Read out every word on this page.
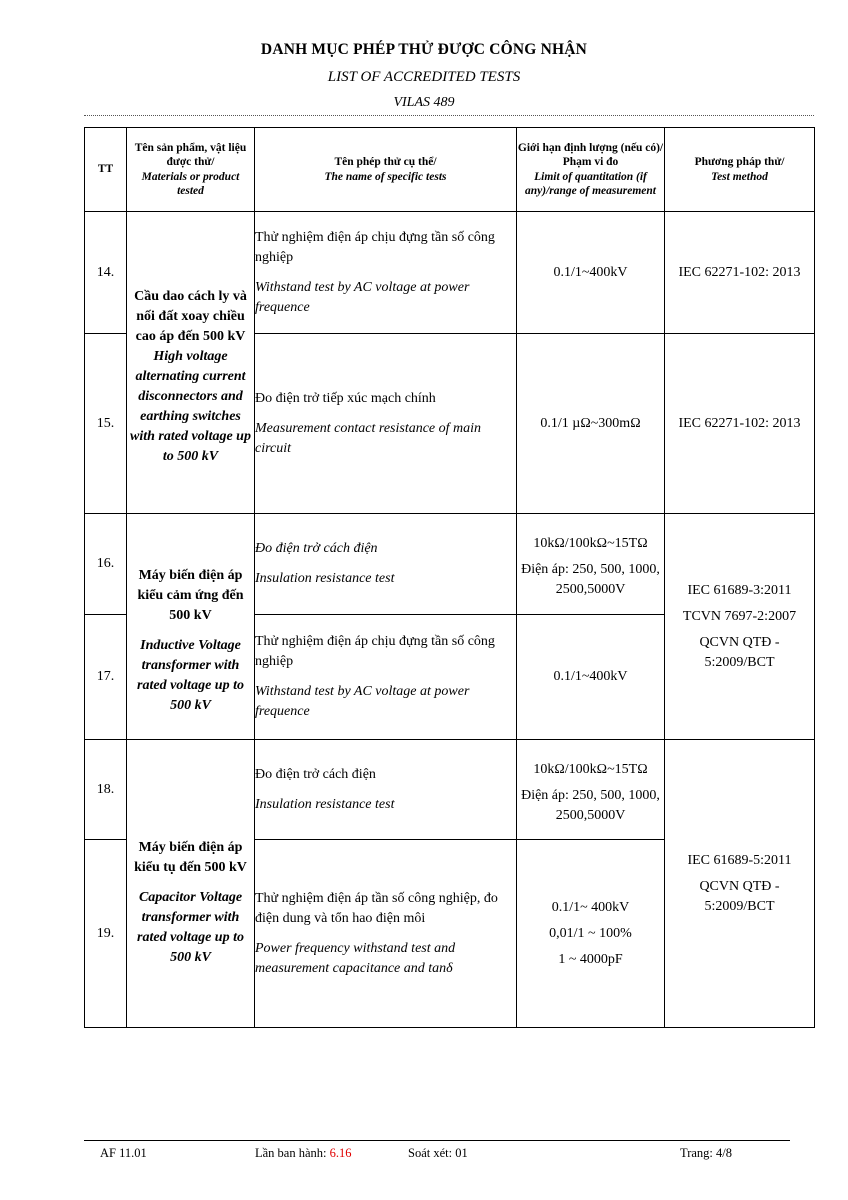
DANH MỤC PHÉP THỬ ĐƯỢC CÔNG NHẬN
LIST OF ACCREDITED TESTS
VILAS 489
TT	Tên sản phẩm, vật liệu được thử/
Materials or product tested	Tên phép thử cụ thể/
The name of specific tests	Giới hạn định lượng (nếu có)/ Phạm vi đo
Limit of quantitation (if any)/range of measurement	Phương pháp thử/
Test method
14.	Cầu dao cách ly và nối đất xoay chiều cao áp đến 500 kV
High voltage alternating current disconnectors and earthing switches with rated voltage up to 500 kV	Thử nghiệm điện áp chịu đựng tần số công nghiệp
Withstand test by AC voltage at power frequence	0.1/1~400kV	IEC 62271-102: 2013

15.		Đo điện trở tiếp xúc mạch chính
Measurement contact resistance of main circuit	0.1/1 µΩ~300mΩ	IEC 62271-102: 2013

16.	Máy biến điện áp kiểu cảm ứng đến 500 kV
Inductive Voltage transformer with rated voltage up to 500 kV	Đo điện trở cách điện
Insulation resistance test	10kΩ/100kΩ~15TΩ
Điện áp: 250, 500, 1000, 2500,5000V	IEC 61689-3:2011
TCVN 7697-2:2007
QCVN QTĐ - 5:2009/BCT

17.		Thử nghiệm điện áp chịu đựng tần số công nghiệp
Withstand test by AC voltage at power frequence	0.1/1~400kV	

18.	Máy biến điện áp kiểu tụ đến 500 kV
Capacitor Voltage transformer with rated voltage up to 500 kV	Đo điện trở cách điện
Insulation resistance test	10kΩ/100kΩ~15TΩ
Điện áp: 250, 500, 1000, 2500,5000V	IEC 61689-5:2011
QCVN QTĐ - 5:2009/BCT

19.		Thử nghiệm điện áp tần số công nghiệp, đo điện dung và tổn hao điện môi
Power frequency withstand test and measurement capacitance and tanδ	0.1/1~ 400kV
0,01/1 ~ 100%
1 ~ 4000pF	
AF 11.01	Lần ban hành: 6.16	Soát xét: 01	Trang: 4/8
